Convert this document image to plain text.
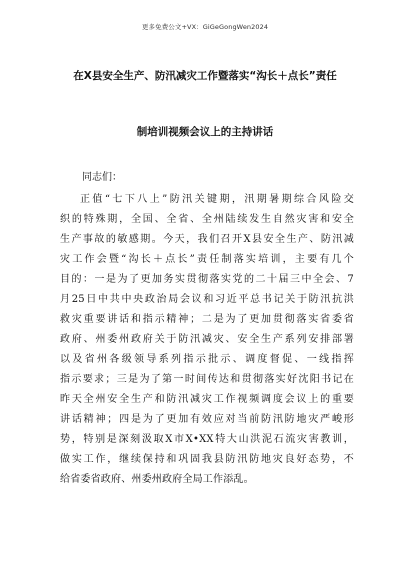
更多免费公文+VX：GiGeGongWen2024
在X县安全生产、防汛减灾工作暨落实“沟长＋点长”责任
制培训视频会议上的主持讲话
同志们：
正值“七下八上”防汛关键期，汛期暑期综合风险交
织的特殊期，全国、全省、全州陆续发生自然灾害和安全
生产事故的敏感期。今天，我们召开X县安全生产、防汛减
灾工作会暨“沟长＋点长”责任制落实培训，主要有几个
目的：一是为了更加务实贯彻落实党的二十届三中全会、7
月25日中共中央政治局会议和习近平总书记关于防汛抗洪
救灾重要讲话和指示精神；二是为了更加贯彻落实省委省
政府、州委州政府关于防汛减灾、安全生产系列安排部署
以及省州各级领导系列指示批示、调度督促、一线指挥
指示要求；三是为了第一时间传达和贯彻落实好沈阳书记在
昨天全州安全生产和防汛减灾工作视频调度会议上的重要
讲话精神；四是为了更加有效应对当前防汛防地灾严峻形
势，特别是深刻汲取X市X•XX特大山洪泥石流灾害教训，
做实工作，继续保持和巩固我县防汛防地灾良好态势，不
给省委省政府、州委州政府全局工作添乱。
